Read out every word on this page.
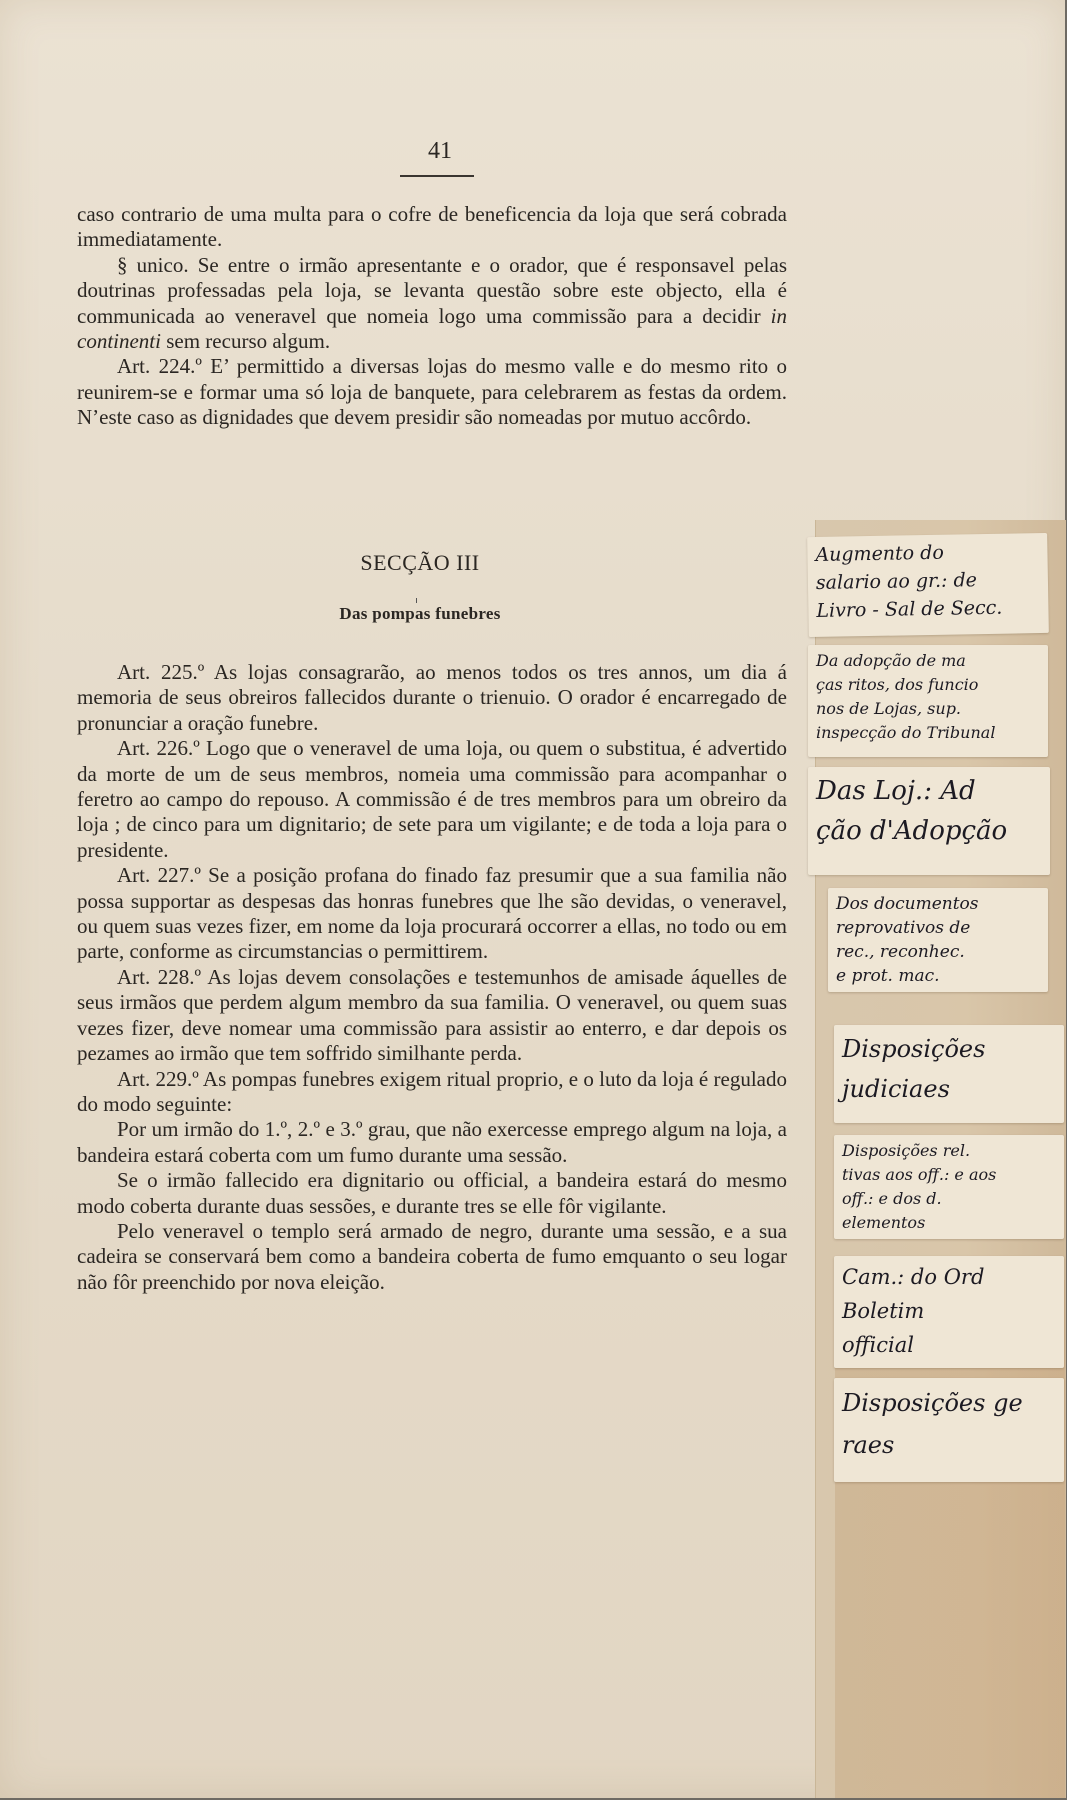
41

caso contrario de uma multa para o cofre de beneficencia da loja que será cobrada immediatamente.

§ unico. Se entre o irmão apresentante e o orador, que é responsavel pelas doutrinas professadas pela loja, se levanta questão sobre este objecto, ella é communicada ao veneravel que nomeia logo uma commissão para a decidir in continenti sem recurso algum.

Art. 224.º E’ permittido a diversas lojas do mesmo valle e do mesmo rito o reunirem-se e formar uma só loja de banquete, para celebrarem as festas da ordem. N’este caso as dignidades que devem presidir são nomeadas por mutuo accôrdo.

SECÇÃO III
Das pompas funebres

Art. 225.º As lojas consagrarão, ao menos todos os tres annos, um dia á memoria de seus obreiros fallecidos durante o trienuio. O orador é encarregado de pronunciar a oração funebre.

Art. 226.º Logo que o veneravel de uma loja, ou quem o substitua, é advertido da morte de um de seus membros, nomeia uma commissão para acompanhar o feretro ao campo do repouso. A commissão é de tres membros para um obreiro da loja ; de cinco para um dignitario; de sete para um vigilante; e de toda a loja para o presidente.

Art. 227.º Se a posição profana do finado faz presumir que a sua familia não possa supportar as despesas das honras funebres que lhe são devidas, o veneravel, ou quem suas vezes fizer, em nome da loja procurará occorrer a ellas, no todo ou em parte, conforme as circumstancias o permittirem.

Art. 228.º As lojas devem consolações e testemunhos de amisade áquelles de seus irmãos que perdem algum membro da sua familia. O veneravel, ou quem suas vezes fizer, deve nomear uma commissão para assistir ao enterro, e dar depois os pezames ao irmão que tem soffrido similhante perda.

Art. 229.º As pompas funebres exigem ritual proprio, e o luto da loja é regulado do modo seguinte:

Por um irmão do 1.º, 2.º e 3.º grau, que não exercesse emprego algum na loja, a bandeira estará coberta com um fumo durante uma sessão.

Se o irmão fallecido era dignitario ou official, a bandeira estará do mesmo modo coberta durante duas sessões, e durante tres se elle fôr vigilante.

Pelo veneravel o templo será armado de negro, durante uma sessão, e a sua cadeira se conservará bem como a bandeira coberta de fumo emquanto o seu logar não fôr preenchido por nova eleição.

Augmento do
salario ao gr.: de
Livro - Sal de Secc.
Da adopção de ma
ças ritos, dos funcio
nos de Lojas, sup.
inspecção do Tribunal
Das Loj.: Ad
ção d'Adopção
Dos documentos
reprovativos de
rec., reconhec.
e prot. mac.
Disposições
judiciaes
Disposições rel.
tivas aos off.: e aos
off.: e dos d.
elementos
Cam.: do Ord
Boletim
official
Disposições ge
raes
